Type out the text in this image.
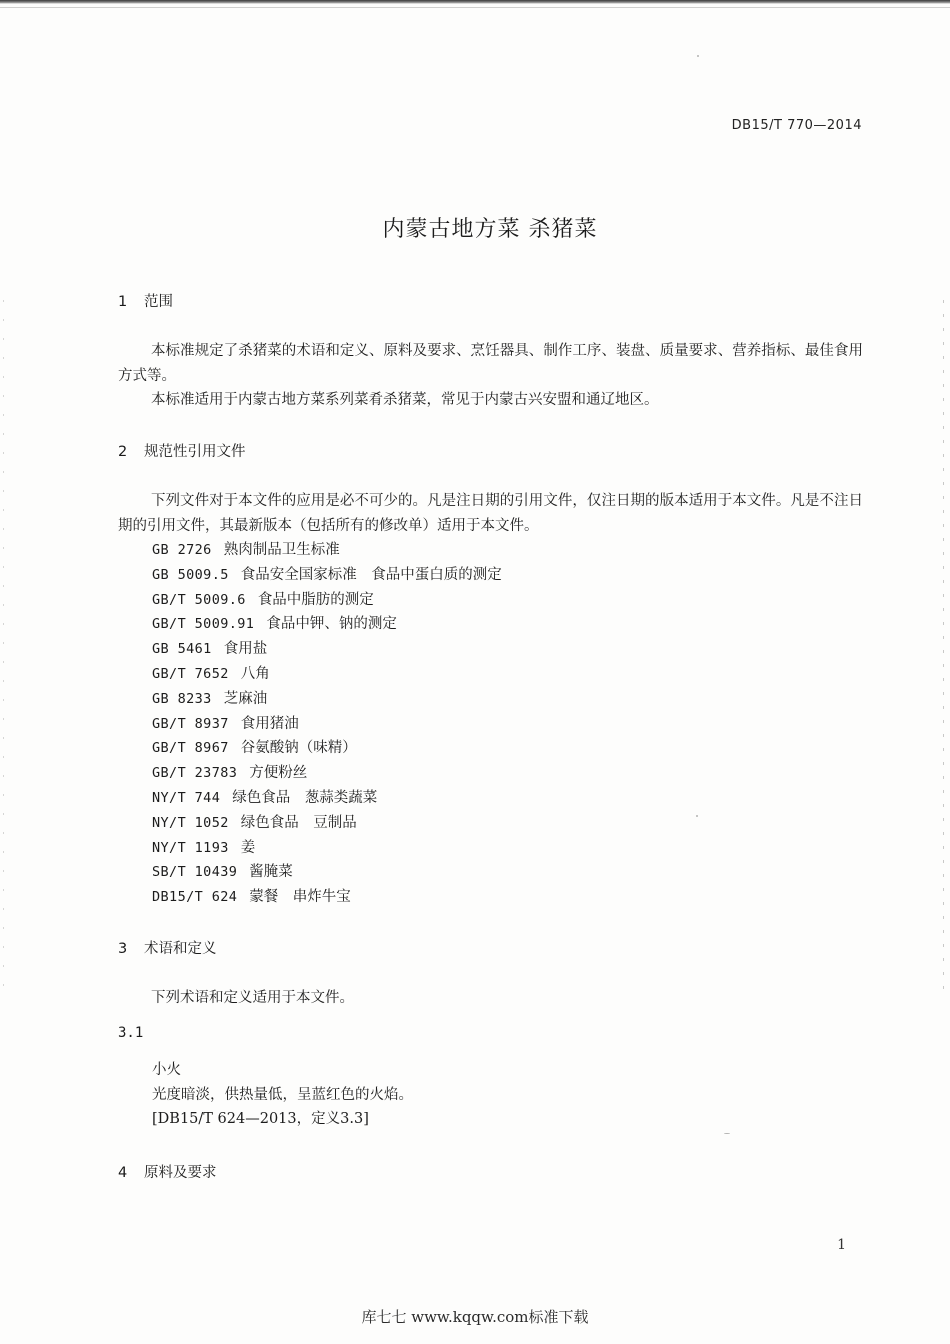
DB15/T 770—2014
内蒙古地方菜 杀猪菜
1 范围

本标准规定了杀猪菜的术语和定义、原料及要求、烹饪器具、制作工序、装盘、质量要求、营养指标、最佳食用方式等。

本标准适用于内蒙古地方菜系列菜肴杀猪菜，常见于内蒙古兴安盟和通辽地区。

2 规范性引用文件

下列文件对于本文件的应用是必不可少的。凡是注日期的引用文件，仅注日期的版本适用于本文件。凡是不注日期的引用文件，其最新版本（包括所有的修改单）适用于本文件。

GB 2726 熟肉制品卫生标准
GB 5009.5 食品安全国家标准　食品中蛋白质的测定
GB/T 5009.6 食品中脂肪的测定
GB/T 5009.91 食品中钾、钠的测定
GB 5461 食用盐
GB/T 7652 八角
GB 8233 芝麻油
GB/T 8937 食用猪油
GB/T 8967 谷氨酸钠（味精）
GB/T 23783 方便粉丝
NY/T 744 绿色食品　葱蒜类蔬菜
NY/T 1052 绿色食品　豆制品
NY/T 1193 姜
SB/T 10439 酱腌菜
DB15/T 624 蒙餐　串炸牛宝
3 术语和定义

下列术语和定义适用于本文件。

3.1
小火
光度暗淡，供热量低，呈蓝红色的火焰。
[DB15/T 624—2013，定义3.3]
4 原料及要求
1
库七七 www.kqqw.com标准下载
